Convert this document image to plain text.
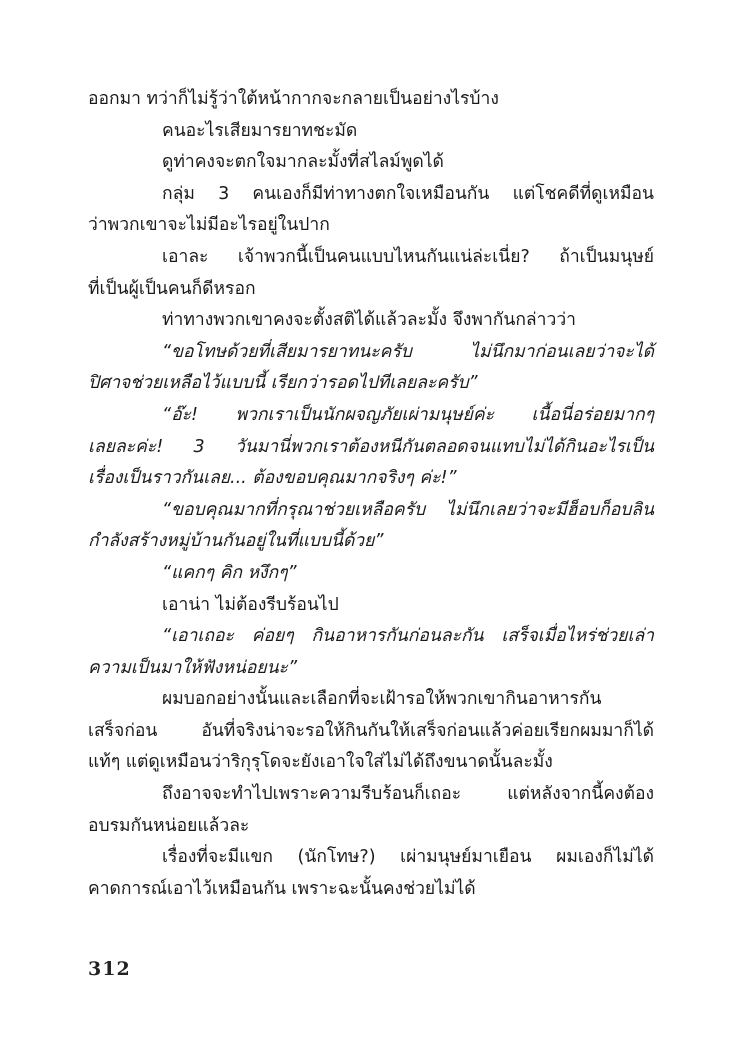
ออกมา ทว่าก็ไม่รู้ว่าใต้หน้ากากจะกลายเป็นอย่างไรบ้าง
คนอะไรเสียมารยาทชะมัด
ดูท่าคงจะตกใจมากละมั้งที่สไลม์พูดได้
กลุ่ม 3 คนเองก็มีท่าทางตกใจเหมือนกัน แต่โชคดีที่ดูเหมือน
ว่าพวกเขาจะไม่มีอะไรอยู่ในปาก
เอาละ เจ้าพวกนี้เป็นคนแบบไหนกันแน่ล่ะเนี่ย? ถ้าเป็นมนุษย์
ที่เป็นผู้เป็นคนก็ดีหรอก
ท่าทางพวกเขาคงจะตั้งสติได้แล้วละมั้ง จึงพากันกล่าวว่า
“ขอโทษด้วยที่เสียมารยาทนะครับ ไม่นึกมาก่อนเลยว่าจะได้
ปิศาจช่วยเหลือไว้แบบนี้ เรียกว่ารอดไปทีเลยละครับ”
“อ๊ะ! พวกเราเป็นนักผจญภัยเผ่ามนุษย์ค่ะ เนื้อนี่อร่อยมากๆ
เลยละค่ะ! 3 วันมานี่พวกเราต้องหนีกันตลอดจนแทบไม่ได้กินอะไรเป็น
เรื่องเป็นราวกันเลย... ต้องขอบคุณมากจริงๆ ค่ะ!”
“ขอบคุณมากที่กรุณาช่วยเหลือครับ ไม่นึกเลยว่าจะมีฮ็อบก็อบลิน
กำลังสร้างหมู่บ้านกันอยู่ในที่แบบนี้ด้วย”
“แคกๆ คิก หงึกๆ”
เอาน่า ไม่ต้องรีบร้อนไป
“เอาเถอะ ค่อยๆ กินอาหารกันก่อนละกัน เสร็จเมื่อไหร่ช่วยเล่า
ความเป็นมาให้ฟังหน่อยนะ”
ผมบอกอย่างนั้นและเลือกที่จะเฝ้ารอให้พวกเขากินอาหารกัน
เสร็จก่อน อันที่จริงน่าจะรอให้กินกันให้เสร็จก่อนแล้วค่อยเรียกผมมาก็ได้
แท้ๆ แต่ดูเหมือนว่าริกุรุโดจะยังเอาใจใส่ไม่ได้ถึงขนาดนั้นละมั้ง
ถึงอาจจะทำไปเพราะความรีบร้อนก็เถอะ แต่หลังจากนี้คงต้อง
อบรมกันหน่อยแล้วละ
เรื่องที่จะมีแขก (นักโทษ?) เผ่ามนุษย์มาเยือน ผมเองก็ไม่ได้
คาดการณ์เอาไว้เหมือนกัน เพราะฉะนั้นคงช่วยไม่ได้
312
